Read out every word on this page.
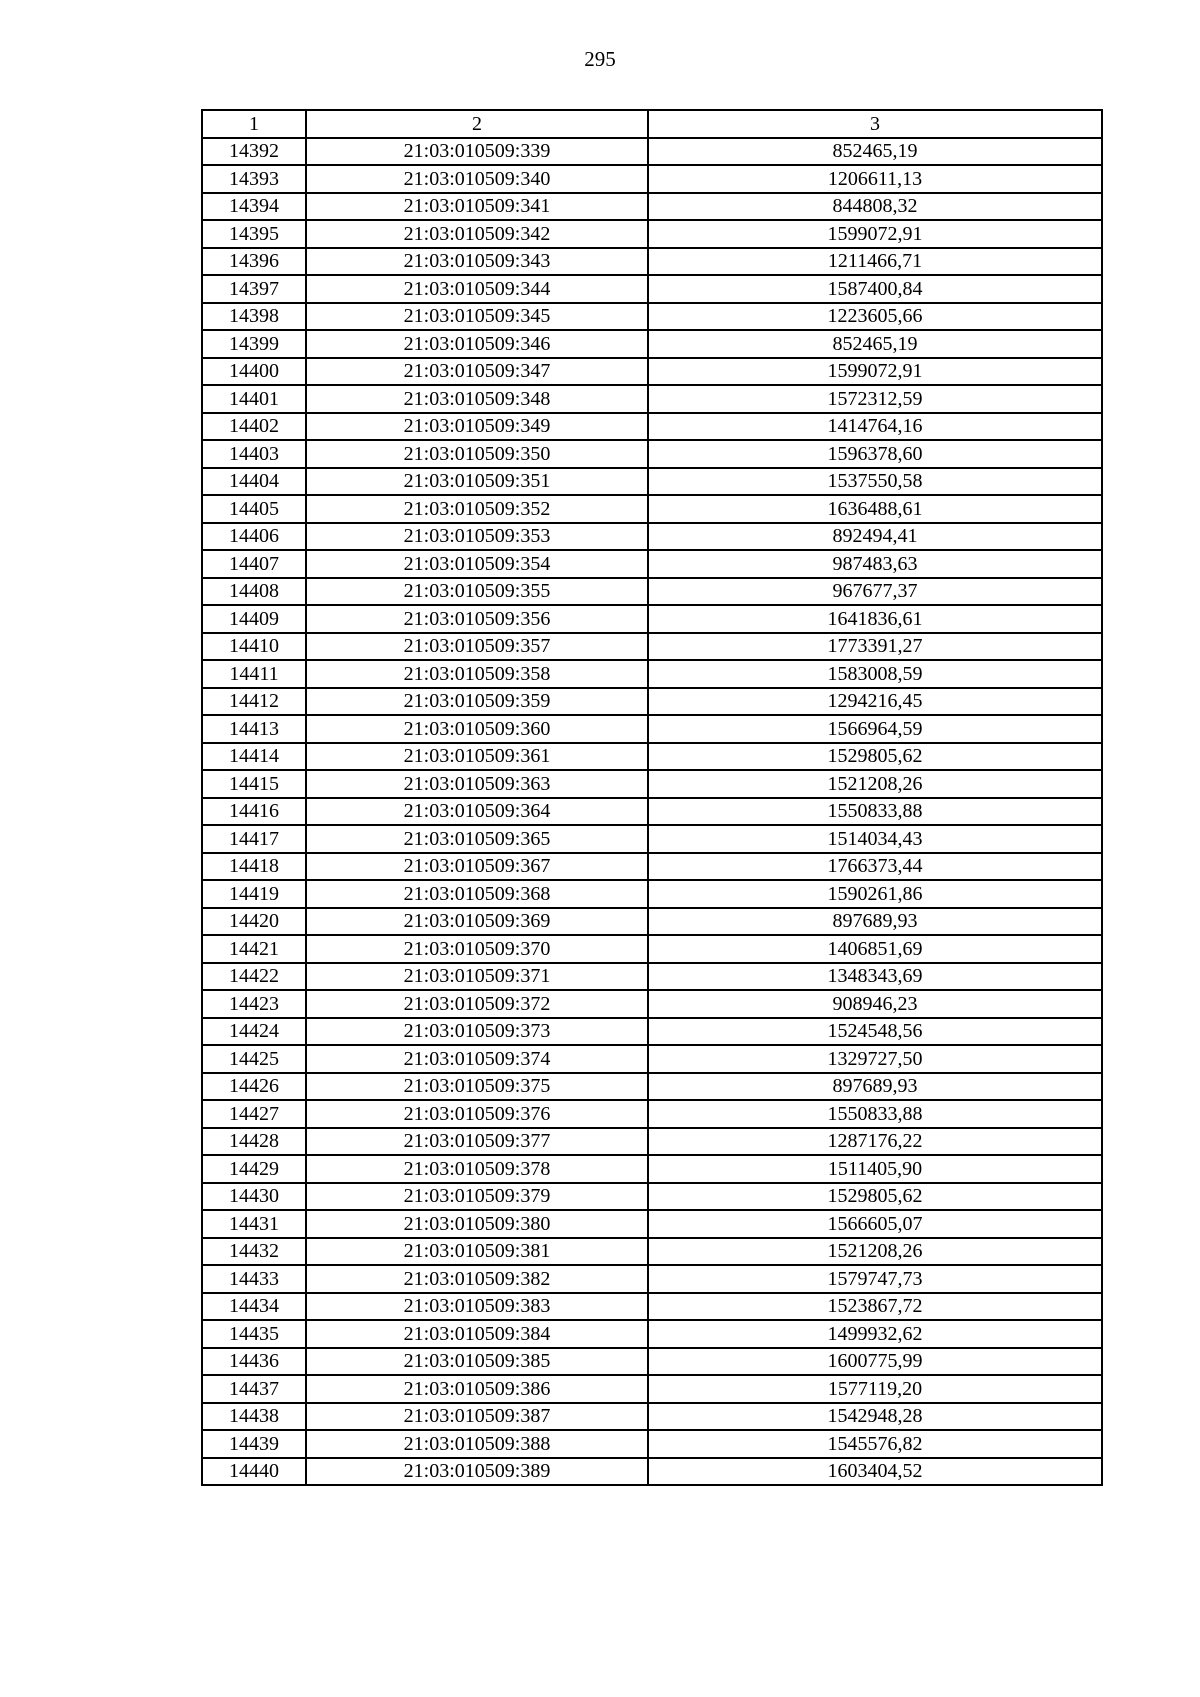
295
1	2	3
14392	21:03:010509:339	852465,19
14393	21:03:010509:340	1206611,13
14394	21:03:010509:341	844808,32
14395	21:03:010509:342	1599072,91
14396	21:03:010509:343	1211466,71
14397	21:03:010509:344	1587400,84
14398	21:03:010509:345	1223605,66
14399	21:03:010509:346	852465,19
14400	21:03:010509:347	1599072,91
14401	21:03:010509:348	1572312,59
14402	21:03:010509:349	1414764,16
14403	21:03:010509:350	1596378,60
14404	21:03:010509:351	1537550,58
14405	21:03:010509:352	1636488,61
14406	21:03:010509:353	892494,41
14407	21:03:010509:354	987483,63
14408	21:03:010509:355	967677,37
14409	21:03:010509:356	1641836,61
14410	21:03:010509:357	1773391,27
14411	21:03:010509:358	1583008,59
14412	21:03:010509:359	1294216,45
14413	21:03:010509:360	1566964,59
14414	21:03:010509:361	1529805,62
14415	21:03:010509:363	1521208,26
14416	21:03:010509:364	1550833,88
14417	21:03:010509:365	1514034,43
14418	21:03:010509:367	1766373,44
14419	21:03:010509:368	1590261,86
14420	21:03:010509:369	897689,93
14421	21:03:010509:370	1406851,69
14422	21:03:010509:371	1348343,69
14423	21:03:010509:372	908946,23
14424	21:03:010509:373	1524548,56
14425	21:03:010509:374	1329727,50
14426	21:03:010509:375	897689,93
14427	21:03:010509:376	1550833,88
14428	21:03:010509:377	1287176,22
14429	21:03:010509:378	1511405,90
14430	21:03:010509:379	1529805,62
14431	21:03:010509:380	1566605,07
14432	21:03:010509:381	1521208,26
14433	21:03:010509:382	1579747,73
14434	21:03:010509:383	1523867,72
14435	21:03:010509:384	1499932,62
14436	21:03:010509:385	1600775,99
14437	21:03:010509:386	1577119,20
14438	21:03:010509:387	1542948,28
14439	21:03:010509:388	1545576,82
14440	21:03:010509:389	1603404,52
